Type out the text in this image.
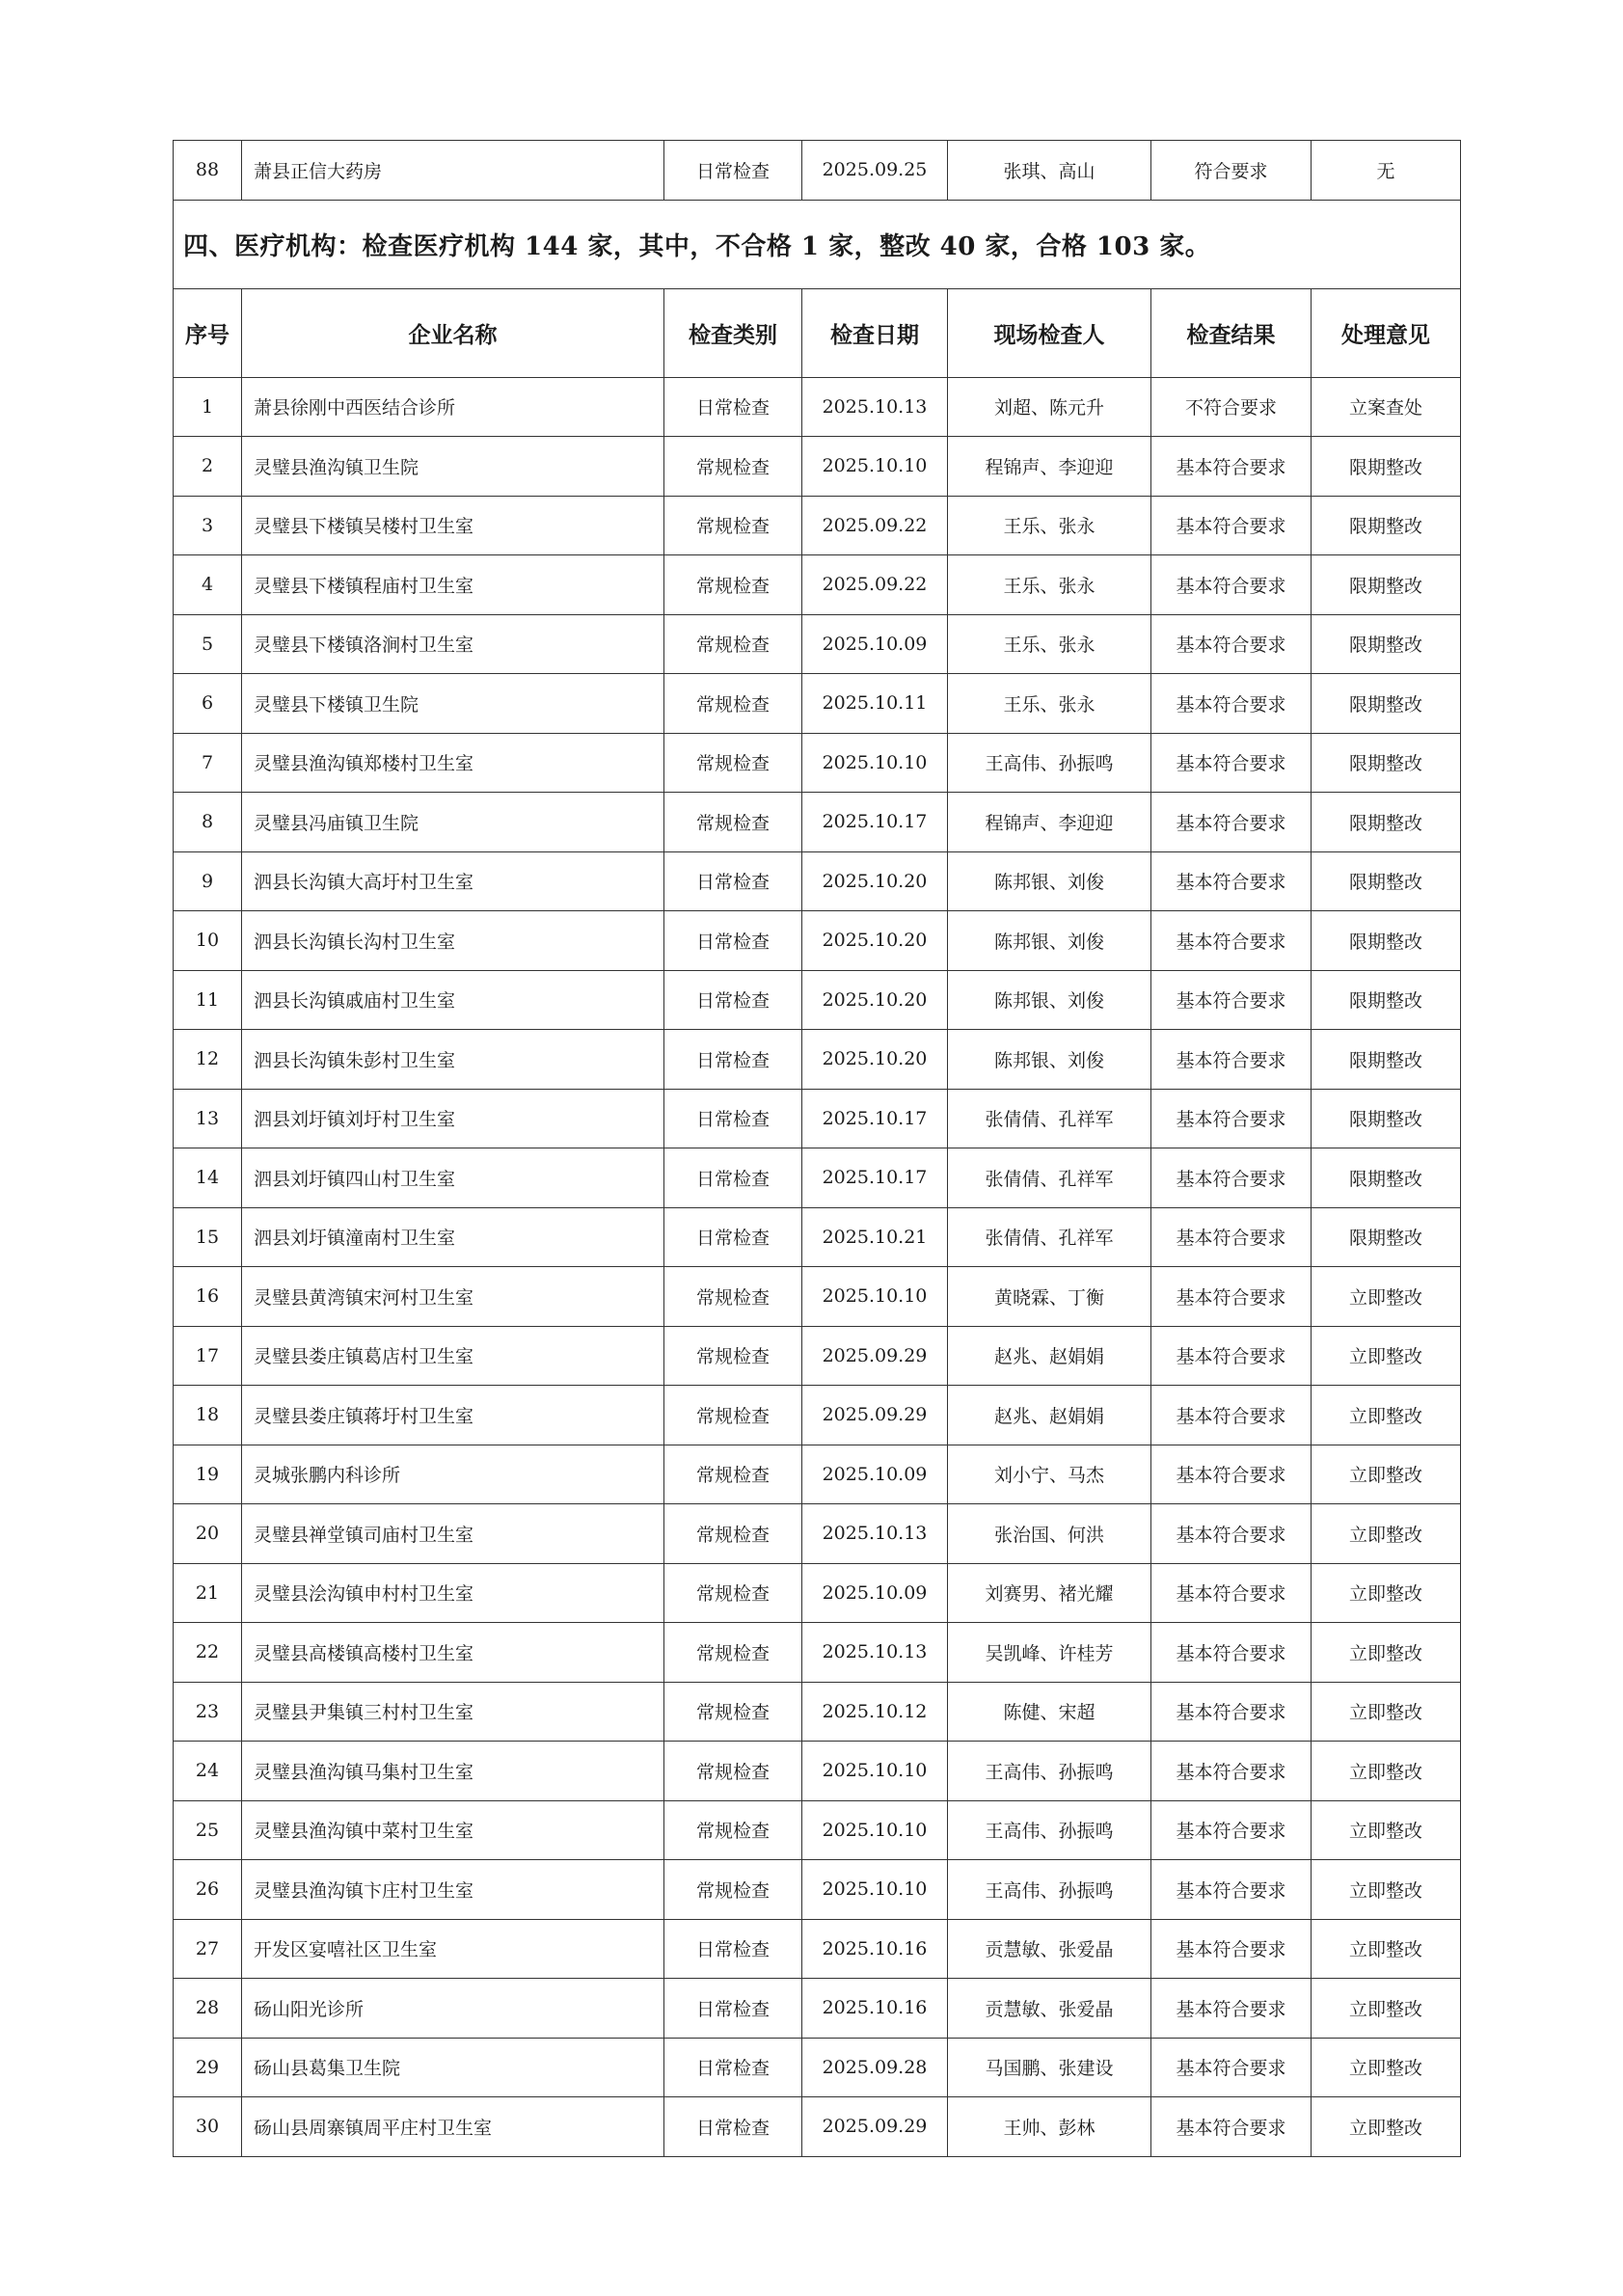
88	萧县正信大药房	日常检查	2025.09.25	张琪、高山	符合要求	无
四、医疗机构：检查医疗机构 144 家，其中，不合格 1 家，整改 40 家，合格 103 家。						
序号	企业名称	检查类别	检查日期	现场检查人	检查结果	处理意见
1	萧县徐刚中西医结合诊所	日常检查	2025.10.13	刘超、陈元升	不符合要求	立案查处
2	灵璧县渔沟镇卫生院	常规检查	2025.10.10	程锦声、李迎迎	基本符合要求	限期整改
3	灵璧县下楼镇吴楼村卫生室	常规检查	2025.09.22	王乐、张永	基本符合要求	限期整改
4	灵璧县下楼镇程庙村卫生室	常规检查	2025.09.22	王乐、张永	基本符合要求	限期整改
5	灵璧县下楼镇洛涧村卫生室	常规检查	2025.10.09	王乐、张永	基本符合要求	限期整改
6	灵璧县下楼镇卫生院	常规检查	2025.10.11	王乐、张永	基本符合要求	限期整改
7	灵璧县渔沟镇郑楼村卫生室	常规检查	2025.10.10	王高伟、孙振鸣	基本符合要求	限期整改
8	灵璧县冯庙镇卫生院	常规检查	2025.10.17	程锦声、李迎迎	基本符合要求	限期整改
9	泗县长沟镇大高圩村卫生室	日常检查	2025.10.20	陈邦银、刘俊	基本符合要求	限期整改
10	泗县长沟镇长沟村卫生室	日常检查	2025.10.20	陈邦银、刘俊	基本符合要求	限期整改
11	泗县长沟镇戚庙村卫生室	日常检查	2025.10.20	陈邦银、刘俊	基本符合要求	限期整改
12	泗县长沟镇朱彭村卫生室	日常检查	2025.10.20	陈邦银、刘俊	基本符合要求	限期整改
13	泗县刘圩镇刘圩村卫生室	日常检查	2025.10.17	张倩倩、孔祥军	基本符合要求	限期整改
14	泗县刘圩镇四山村卫生室	日常检查	2025.10.17	张倩倩、孔祥军	基本符合要求	限期整改
15	泗县刘圩镇潼南村卫生室	日常检查	2025.10.21	张倩倩、孔祥军	基本符合要求	限期整改
16	灵璧县黄湾镇宋河村卫生室	常规检查	2025.10.10	黄晓霖、丁衡	基本符合要求	立即整改
17	灵璧县娄庄镇葛店村卫生室	常规检查	2025.09.29	赵兆、赵娟娟	基本符合要求	立即整改
18	灵璧县娄庄镇蒋圩村卫生室	常规检查	2025.09.29	赵兆、赵娟娟	基本符合要求	立即整改
19	灵城张鹏内科诊所	常规检查	2025.10.09	刘小宁、马杰	基本符合要求	立即整改
20	灵璧县禅堂镇司庙村卫生室	常规检查	2025.10.13	张治国、何洪	基本符合要求	立即整改
21	灵璧县浍沟镇申村村卫生室	常规检查	2025.10.09	刘赛男、褚光耀	基本符合要求	立即整改
22	灵璧县高楼镇高楼村卫生室	常规检查	2025.10.13	吴凯峰、许桂芳	基本符合要求	立即整改
23	灵璧县尹集镇三村村卫生室	常规检查	2025.10.12	陈健、宋超	基本符合要求	立即整改
24	灵璧县渔沟镇马集村卫生室	常规检查	2025.10.10	王高伟、孙振鸣	基本符合要求	立即整改
25	灵璧县渔沟镇中菜村卫生室	常规检查	2025.10.10	王高伟、孙振鸣	基本符合要求	立即整改
26	灵璧县渔沟镇卞庄村卫生室	常规检查	2025.10.10	王高伟、孙振鸣	基本符合要求	立即整改
27	开发区宴嘻社区卫生室	日常检查	2025.10.16	贡慧敏、张爱晶	基本符合要求	立即整改
28	砀山阳光诊所	日常检查	2025.10.16	贡慧敏、张爱晶	基本符合要求	立即整改
29	砀山县葛集卫生院	日常检查	2025.09.28	马国鹏、张建设	基本符合要求	立即整改
30	砀山县周寨镇周平庄村卫生室	日常检查	2025.09.29	王帅、彭林	基本符合要求	立即整改
